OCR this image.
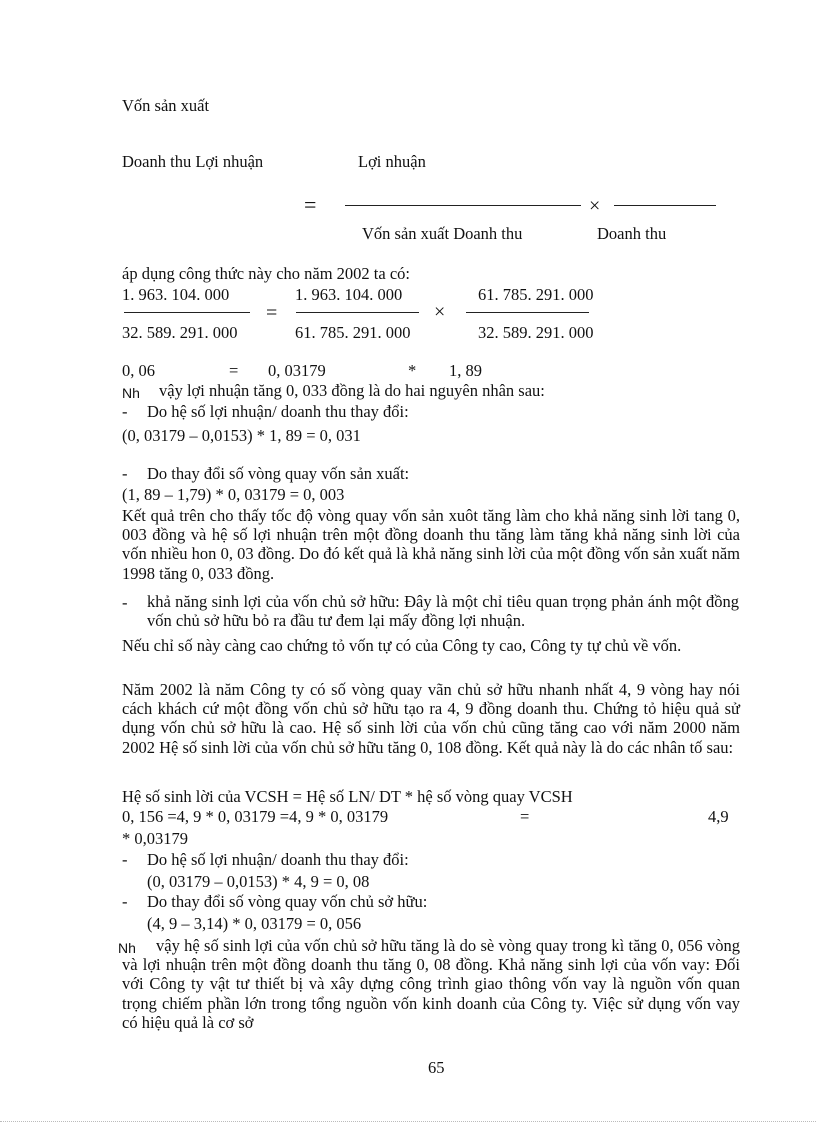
Vốn sản xuất
Doanh thu Lợi nhuận	Lợi nhuận
=	×
Vốn sản xuất Doanh thu	Doanh thu
áp dụng công thức này cho năm 2002 ta có:
1. 963. 104. 000
32. 589. 291. 000
=
1. 963. 104. 000
61. 785. 291. 000
×
61. 785. 291. 000
32. 589. 291. 000
0, 06	= 0, 03179	* 1, 89
Nh vậy lợi nhuận tăng 0, 033 đồng là do hai nguyên nhân sau:
- Do hệ số lợi nhuận/ doanh thu thay đổi:
(0, 03179 – 0,0153) * 1, 89 = 0, 031
- Do thay đổi số vòng quay vốn sản xuất:
(1, 89 – 1,79) * 0, 03179 = 0, 003
Kết quả trên cho thấy tốc độ vòng quay vốn sản xuôt tăng làm cho khả năng sinh lời tang 0, 003 đồng và hệ số lợi nhuận trên một đồng doanh thu tăng làm tăng khả năng sinh lời của vốn nhiều hon 0, 03 đồng. Do đó kết quả là khả năng sinh lời của một đồng vốn sản xuất năm 1998 tăng 0, 033 đồng.
- khả năng sinh lợi của vốn chủ sở hữu: Đây là một chỉ tiêu quan trọng phản ánh một đồng vốn chủ sở hữu bỏ ra đầu tư đem lại mấy đồng lợi nhuận.
Nếu chỉ số này càng cao chứng tỏ vốn tự có của Công ty cao, Công ty tự chủ về vốn.
Năm 2002 là năm Công ty có số vòng quay vãn chủ sở hữu nhanh nhất 4, 9 vòng hay nói cách khách cứ một đồng vốn chủ sở hữu tạo ra 4, 9 đồng doanh thu. Chứng tỏ hiệu quả sử dụng vốn chủ sở hữu là cao. Hệ số sinh lời của vốn chủ cũng tăng cao với năm 2000 năm 2002 Hệ số sinh lời của vốn chủ sở hữu tăng 0, 108 đồng. Kết quả này là do các nhân tố sau:
Hệ số sinh lời của VCSH = Hệ số LN/ DT * hệ số vòng quay VCSH
0, 156 =4, 9 * 0, 03179 =4, 9 * 0, 03179	=	4,9
* 0,03179
- Do hệ số lợi nhuận/ doanh thu thay đổi:
(0, 03179 – 0,0153) * 4, 9 = 0, 08
- Do thay đổi số vòng quay vốn chủ sở hữu:
(4, 9 – 3,14) * 0, 03179 = 0, 056
Nh	vậy hệ số sinh lợi của vốn chủ sở hữu tăng là do sè vòng quay trong kì tăng 0, 056 vòng và lợi nhuận trên một đồng doanh thu tăng 0, 08 đồng. Khả năng sinh lợi của vốn vay: Đối với Công ty vật tư thiết bị và xây dựng công trình giao thông vốn vay là nguồn vốn quan trọng chiếm phần lớn trong tổng nguồn vốn kinh doanh của Công ty. Việc sử dụng vốn vay có hiệu quả là cơ sở
65
